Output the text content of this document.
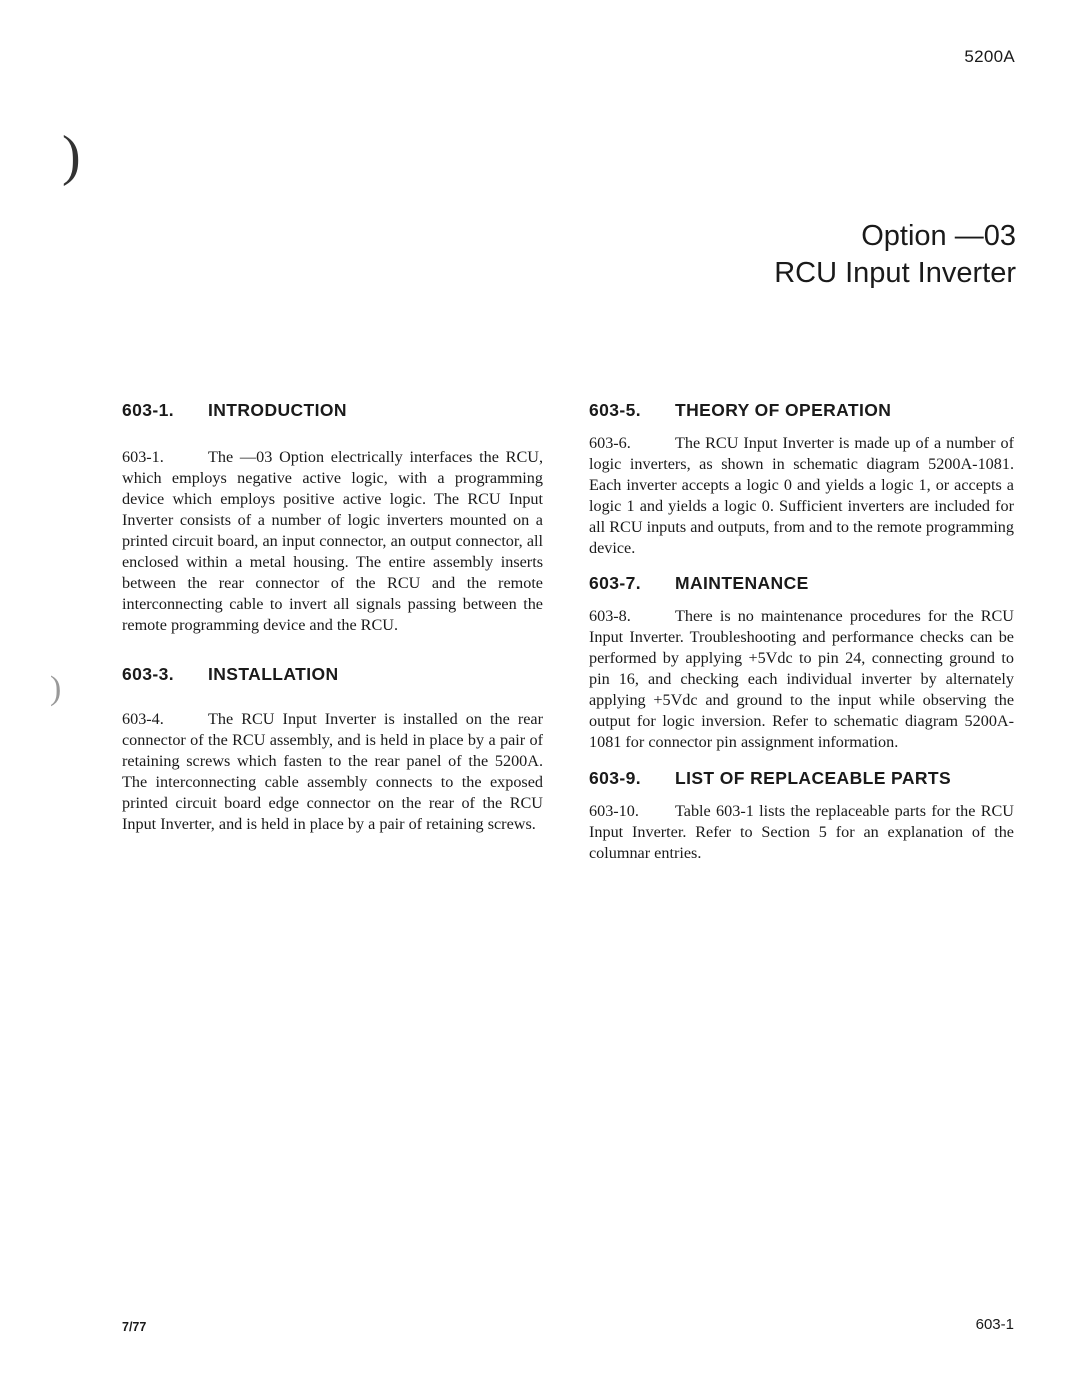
5200A
)
)
Option —03
RCU Input Inverter
603-1.	INTRODUCTION

603-1.	The —03 Option electrically interfaces the RCU, which employs negative active logic, with a programming device which employs positive active logic. The RCU Input Inverter consists of a number of logic inverters mounted on a printed circuit board, an input connector, an output connector, all enclosed within a metal housing. The entire assembly inserts between the rear connector of the RCU and the remote interconnecting cable to invert all signals passing between the remote programming device and the RCU.

603-3.	INSTALLATION

603-4.	The RCU Input Inverter is installed on the rear connector of the RCU assembly, and is held in place by a pair of retaining screws which fasten to the rear panel of the 5200A. The interconnecting cable assembly connects to the exposed printed circuit board edge connector on the rear of the RCU Input Inverter, and is held in place by a pair of retaining screws.

603-5.	THEORY OF OPERATION

603-6.	The RCU Input Inverter is made up of a number of logic inverters, as shown in schematic diagram 5200A-1081. Each inverter accepts a logic 0 and yields a logic 1, or accepts a logic 1 and yields a logic 0. Sufficient inverters are included for all RCU inputs and outputs, from and to the remote programming device.

603-7.	MAINTENANCE

603-8.	There is no maintenance procedures for the RCU Input Inverter. Troubleshooting and performance checks can be performed by applying +5Vdc to pin 24, connecting ground to pin 16, and checking each individual inverter by alternately applying +5Vdc and ground to the input while observing the output for logic inversion. Refer to schematic diagram 5200A-1081 for connector pin assignment information.

603-9.	LIST OF REPLACEABLE PARTS

603-10. Table 603-1 lists the replaceable parts for the RCU Input Inverter. Refer to Section 5 for an explanation of the columnar entries.

7/77	603-1
